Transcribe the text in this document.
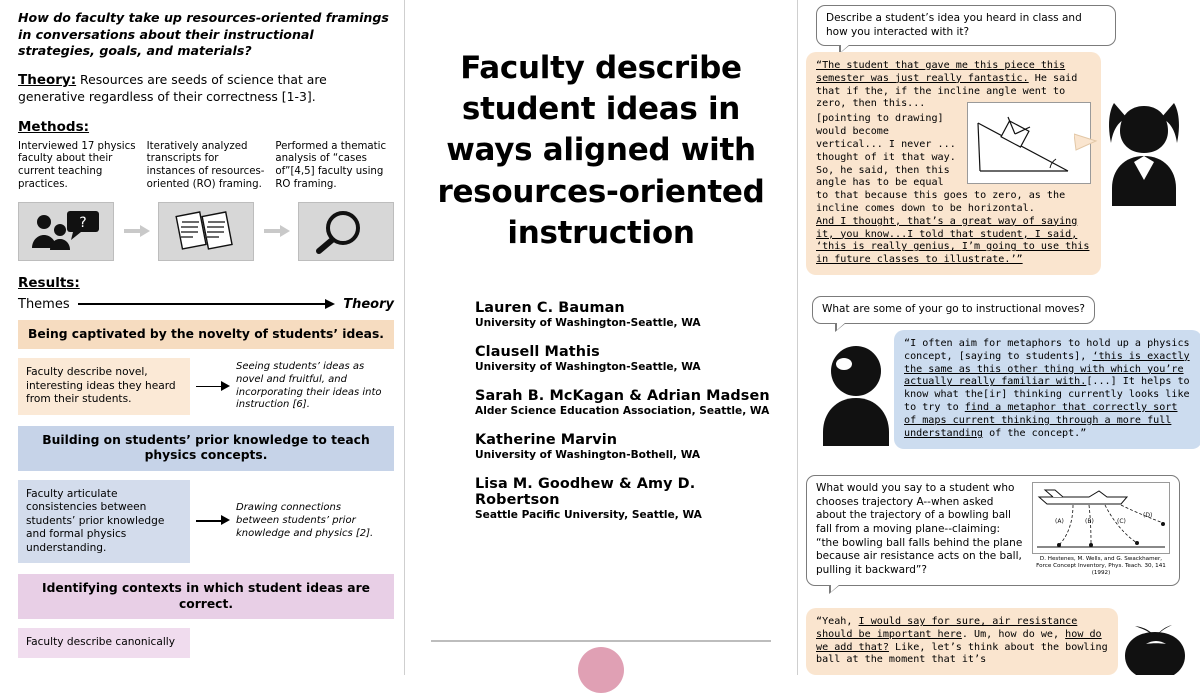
How do faculty take up resources-oriented framings in conversations about their instructional strategies, goals, and materials?
Theory: Resources are seeds of science that are generative regardless of their correctness [1-3].
Methods:
Interviewed 17 physics faculty about their current teaching practices.
Iteratively analyzed transcripts for instances of resources-oriented (RO) framing.
Performed a thematic analysis of “cases of”[4,5] faculty using RO framing.
?
Results:
Themes	Theory
Being captivated by the novelty of students’ ideas.
Faculty describe novel, interesting ideas they heard from their students.
Seeing students’ ideas as novel and fruitful, and incorporating their ideas into instruction [6].
Building on students’ prior knowledge to teach physics concepts.
Faculty articulate consistencies between students’ prior knowledge and formal physics understanding.
Drawing connections between students’ prior knowledge and physics [2].
Identifying contexts in which student ideas are correct.
Faculty describe canonically
Faculty describe student ideas in ways aligned with resources-oriented instruction
Lauren C. Bauman
University of Washington-Seattle, WA
Clausell Mathis
University of Washington-Seattle, WA
Sarah B. McKagan & Adrian Madsen
Alder Science Education Association, Seattle, WA
Katherine Marvin
University of Washington-Bothell, WA
Lisa M. Goodhew & Amy D. Robertson
Seattle Pacific University, Seattle, WA
Describe a student’s idea you heard in class and how you interacted with it?
“The student that gave me this piece this semester was just really fantastic. He said that if the, if the incline angle went to zero, then this...
[pointing to drawing] would become vertical... I never ... thought of it that way. So, he said, then this angle has to be equal to that because this goes to zero, as the incline comes down to be horizontal.
And I thought, that’s a great way of saying it, you know...I told that student, I said, ‘this is really genius, I’m going to use this in future classes to illustrate.’”
What are some of your go to instructional moves?
“I often aim for metaphors to hold up a physics concept, [saying to students], ‘this is exactly the same as this other thing with which you’re actually really familiar with.[...] It helps to know what the[ir] thinking currently looks like to try to find a metaphor that correctly sort of maps current thinking through a more full understanding of the concept.”
(A)	(B)	(C)
(D)
D. Hestenes, M. Wells, and G. Swackhamer, Force Concept Inventory, Phys. Teach. 30, 141 (1992)
What would you say to a student who chooses trajectory A--when asked about the trajectory of a bowling ball fall from a moving plane--claiming: “the bowling ball falls behind the plane because air resistance acts on the ball, pulling it backward”?
“Yeah, I would say for sure, air resistance should be important here. Um, how do we, how do we add that? Like, let’s think about the bowling ball at the moment that it’s
